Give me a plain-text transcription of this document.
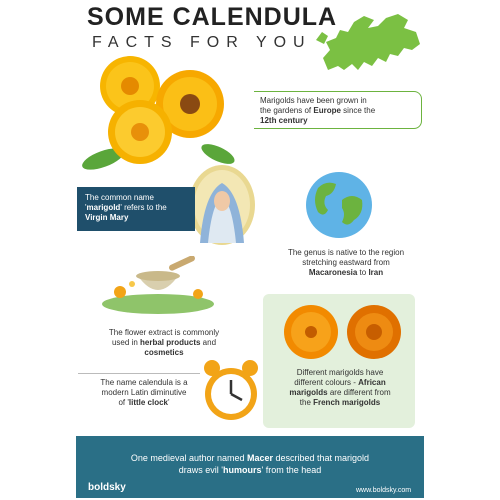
SOME CALENDULA
FACTS FOR YOU
Marigolds have been grown in
the gardens of Europe since the
12th century
The common name
'marigold' refers to the
Virgin Mary
The genus is native to the region
stretching eastward from
Macaronesia to Iran
The flower extract is commonly
used in herbal products and
cosmetics
The name calendula is a
modern Latin diminutive
of 'little clock'
Different marigolds have
different colours - African
marigolds are different from
the French marigolds
One medieval author named Macer described that marigold
draws evil 'humours' from the head
boldsky	www.boldsky.com
